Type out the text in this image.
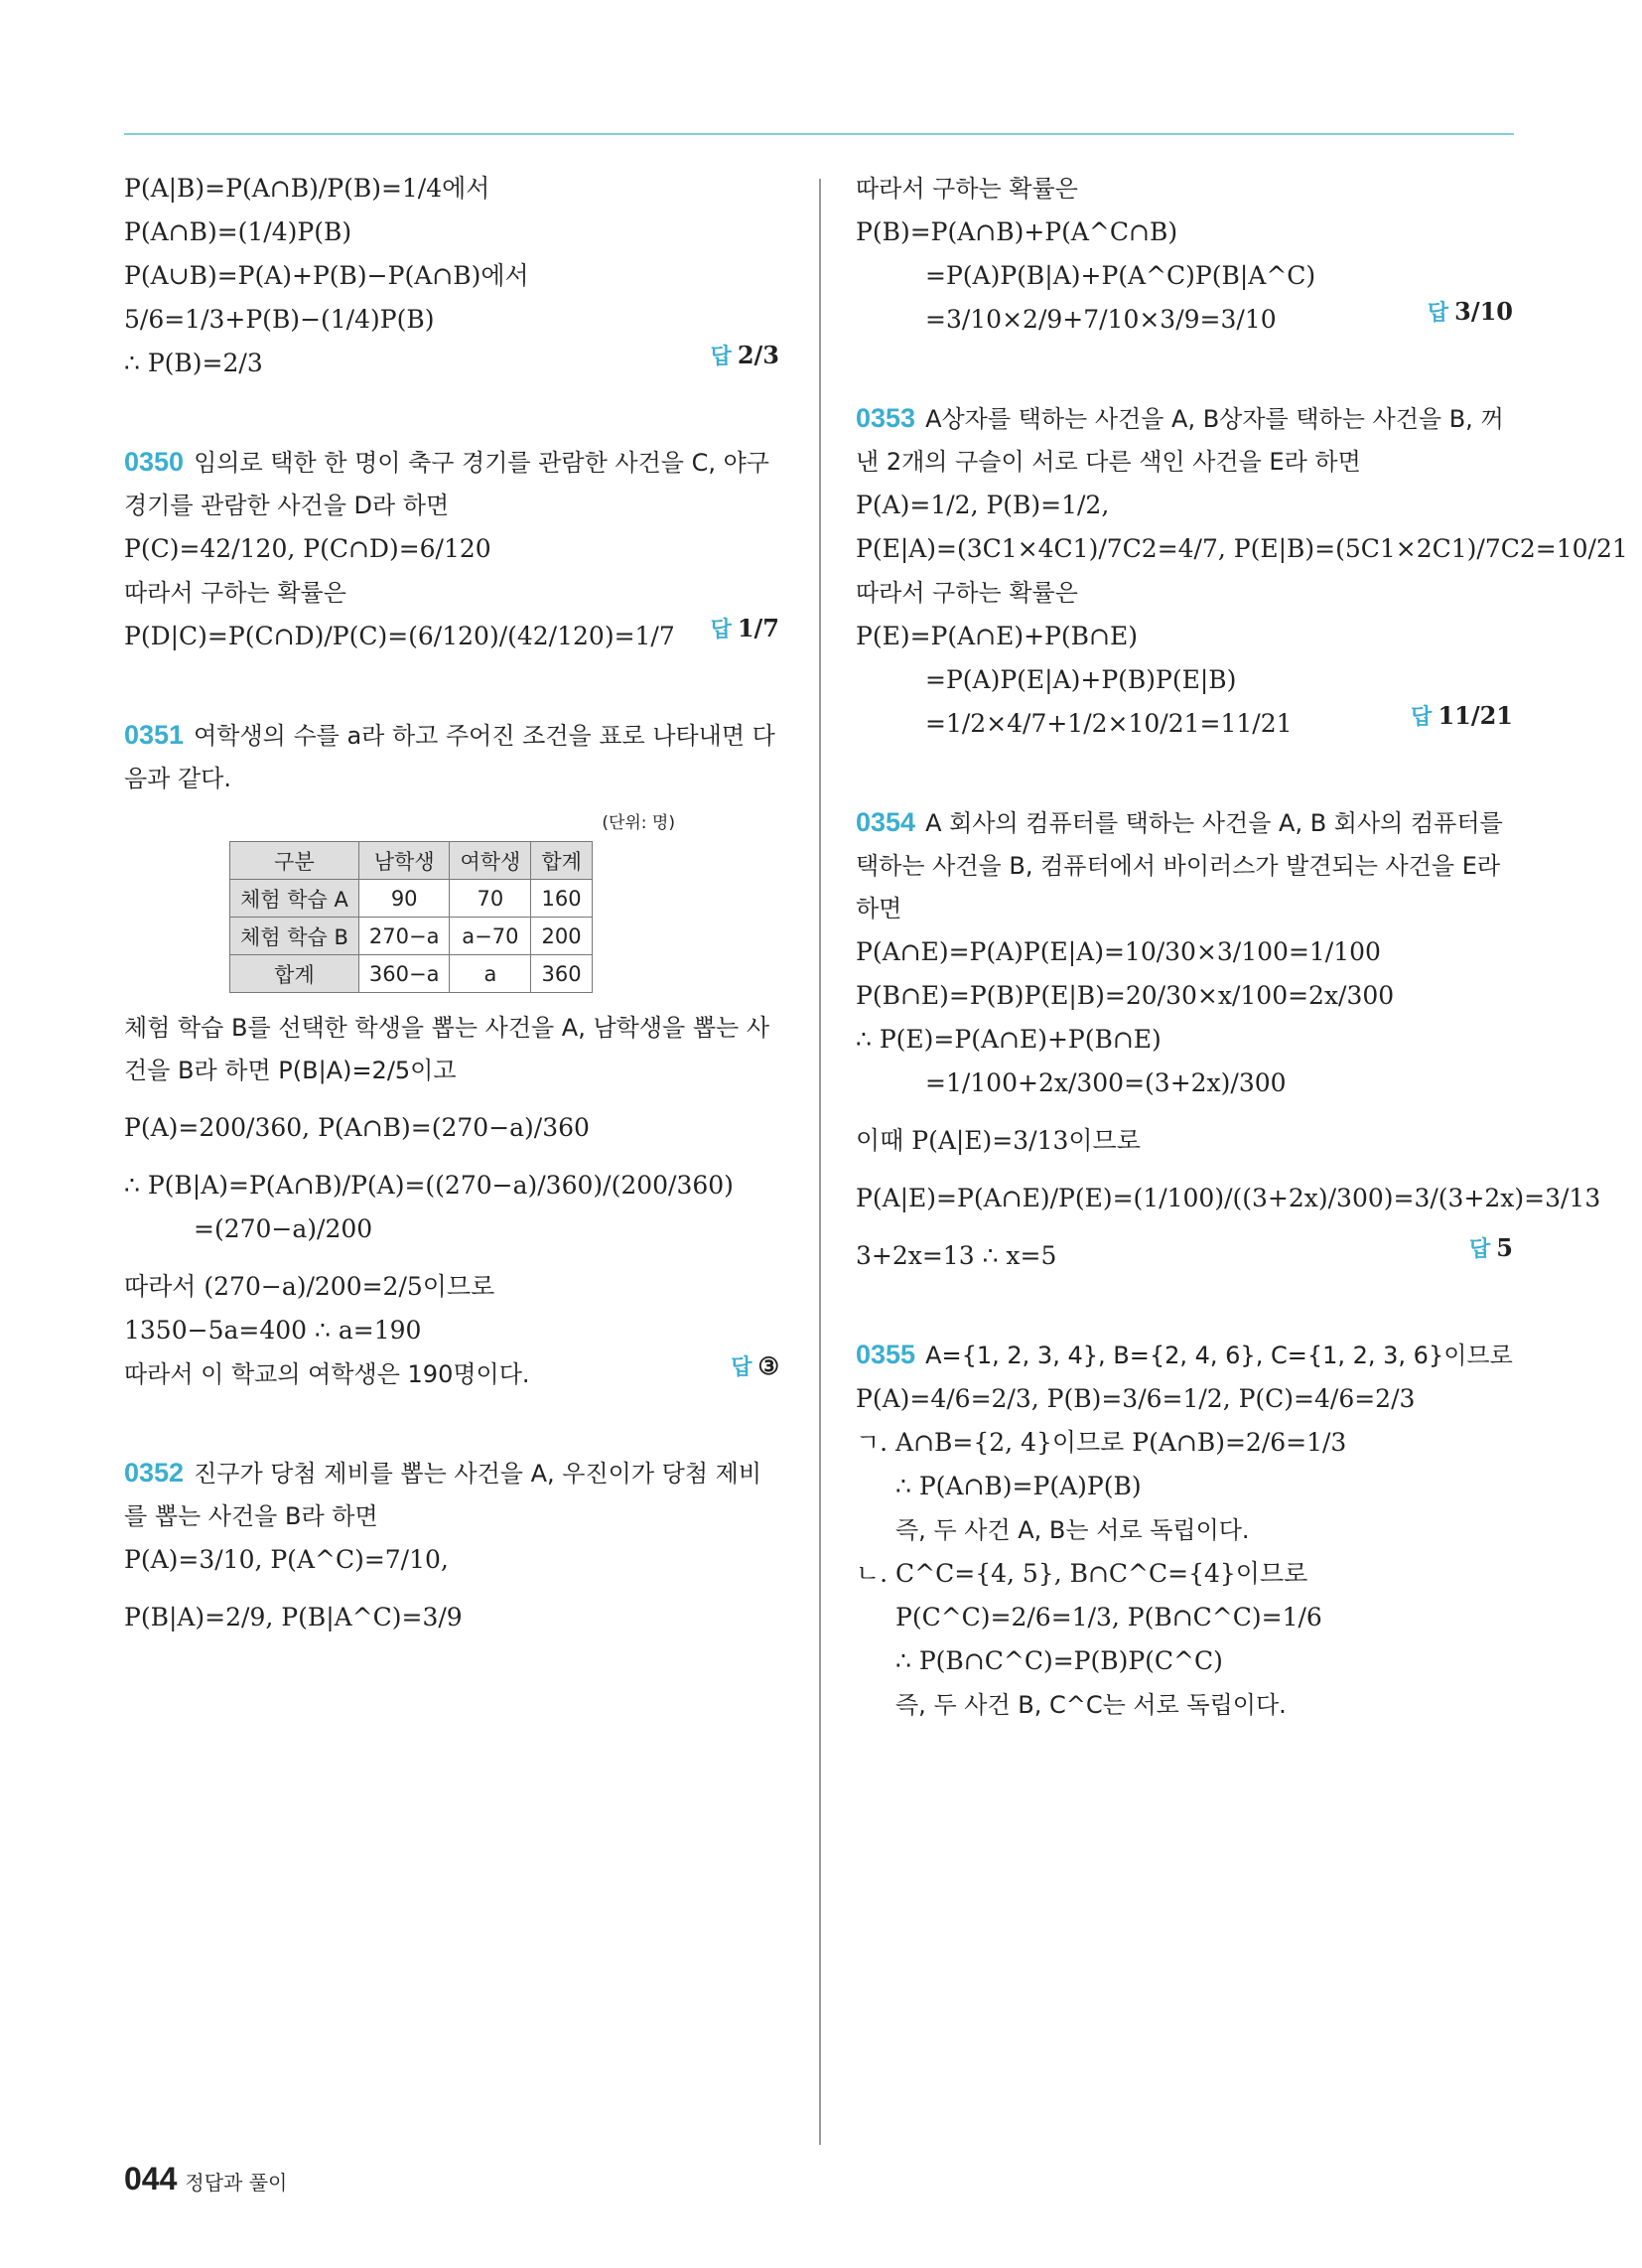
P(A|B)=P(A∩B)/P(B)=1/4에서
P(A∩B)=(1/4)P(B)
P(A∪B)=P(A)+P(B)−P(A∩B)에서
5/6=1/3+P(B)−(1/4)P(B)
∴ P(B)=2/3	답 2/3
0350 임의로 택한 한 명이 축구 경기를 관람한 사건을 C, 야구 경기를 관람한 사건을 D라 하면
P(C)=42/120, P(C∩D)=6/120
따라서 구하는 확률은
P(D|C)=P(C∩D)/P(C)=(6/120)/(42/120)=1/7 답 1/7
0351 여학생의 수를 a라 하고 주어진 조건을 표로 나타내면 다음과 같다.
(단위: 명)
구분	남학생	여학생	합계
체험 학습 A	90	70	160
체험 학습 B	270−a	a−70	200
합계	360−a	a	360
체험 학습 B를 선택한 학생을 뽑는 사건을 A, 남학생을 뽑는 사건을 B라 하면 P(B|A)=2/5이고
P(A)=200/360, P(A∩B)=(270−a)/360
∴ P(B|A)=P(A∩B)/P(A)=((270−a)/360)/(200/360)
=(270−a)/200
따라서 (270−a)/200=2/5이므로
1350−5a=400 ∴ a=190
따라서 이 학교의 여학생은 190명이다.	답 ③
0352 진구가 당첨 제비를 뽑는 사건을 A, 우진이가 당첨 제비를 뽑는 사건을 B라 하면
P(A)=3/10, P(A^C)=7/10,
P(B|A)=2/9, P(B|A^C)=3/9
따라서 구하는 확률은
P(B)=P(A∩B)+P(A^C∩B)
=P(A)P(B|A)+P(A^C)P(B|A^C)
=3/10×2/9+7/10×3/9=3/10	답 3/10
0353 A상자를 택하는 사건을 A, B상자를 택하는 사건을 B, 꺼낸 2개의 구슬이 서로 다른 색인 사건을 E라 하면
P(A)=1/2, P(B)=1/2,
P(E|A)=(3C1×4C1)/7C2=4/7, P(E|B)=(5C1×2C1)/7C2=10/21
따라서 구하는 확률은
P(E)=P(A∩E)+P(B∩E)
=P(A)P(E|A)+P(B)P(E|B)
=1/2×4/7+1/2×10/21=11/21	답 11/21
0354 A 회사의 컴퓨터를 택하는 사건을 A, B 회사의 컴퓨터를 택하는 사건을 B, 컴퓨터에서 바이러스가 발견되는 사건을 E라 하면
P(A∩E)=P(A)P(E|A)=10/30×3/100=1/100
P(B∩E)=P(B)P(E|B)=20/30×x/100=2x/300
∴ P(E)=P(A∩E)+P(B∩E)
=1/100+2x/300=(3+2x)/300
이때 P(A|E)=3/13이므로
P(A|E)=P(A∩E)/P(E)=(1/100)/((3+2x)/300)=3/(3+2x)=3/13
3+2x=13 ∴ x=5	답 5
0355 A={1, 2, 3, 4}, B={2, 4, 6}, C={1, 2, 3, 6}이므로
P(A)=4/6=2/3, P(B)=3/6=1/2, P(C)=4/6=2/3
ㄱ. A∩B={2, 4}이므로 P(A∩B)=2/6=1/3
∴ P(A∩B)=P(A)P(B)
즉, 두 사건 A, B는 서로 독립이다.
ㄴ. C^C={4, 5}, B∩C^C={4}이므로
P(C^C)=2/6=1/3, P(B∩C^C)=1/6
∴ P(B∩C^C)=P(B)P(C^C)
즉, 두 사건 B, C^C는 서로 독립이다.
044 정답과 풀이
